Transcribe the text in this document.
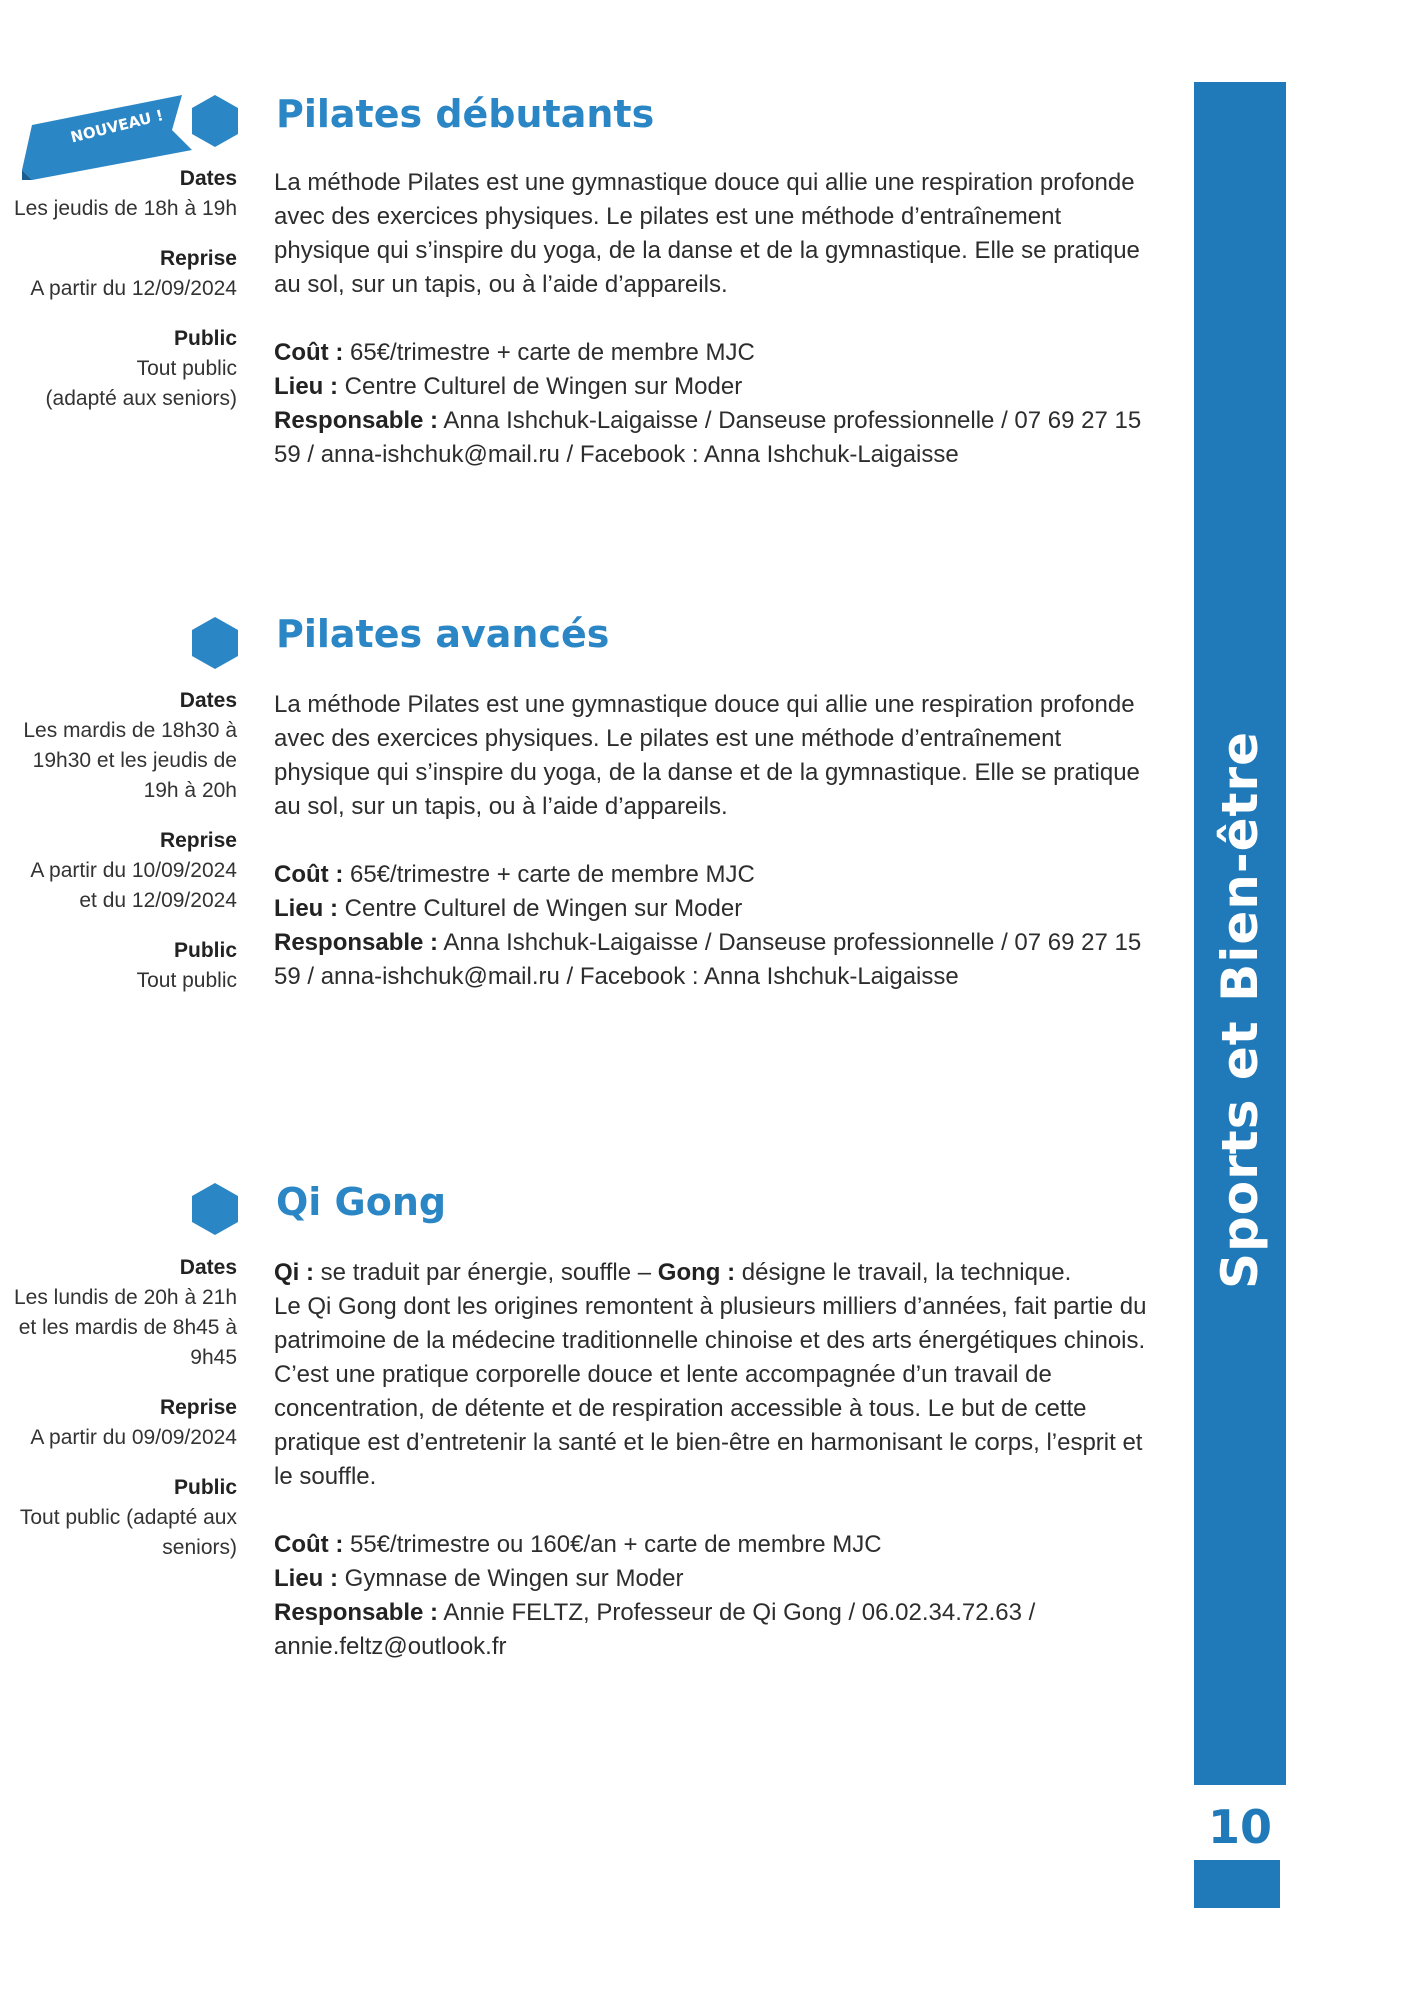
Sports et Bien-être
10
NOUVEAU !	Pilates débutants
Dates
Les jeudis de 18h à 19h
Reprise
A partir du 12/09/2024
Public
Tout public
(adapté aux seniors)

La méthode Pilates est une gymnastique douce qui allie une respiration profonde avec des exercices physiques. Le pilates est une méthode d’entraînement physique qui s’inspire du yoga, de la danse et de la gymnastique. Elle se pratique au sol, sur un tapis, ou à l’aide d’appareils.

Coût : 65€/trimestre + carte de membre MJC

Lieu : Centre Culturel de Wingen sur Moder

Responsable : Anna Ishchuk-Laigaisse / Danseuse professionnelle / 07 69 27 15 59 / anna-ishchuk@mail.ru / Facebook : Anna Ishchuk-Laigaisse

Pilates avancés
Dates
Les mardis de 18h30 à 19h30 et les jeudis de 19h à 20h
Reprise
A partir du 10/09/2024
et du 12/09/2024
Public
Tout public

La méthode Pilates est une gymnastique douce qui allie une respiration profonde avec des exercices physiques. Le pilates est une méthode d’entraînement physique qui s’inspire du yoga, de la danse et de la gymnastique. Elle se pratique au sol, sur un tapis, ou à l’aide d’appareils.

Coût : 65€/trimestre + carte de membre MJC

Lieu : Centre Culturel de Wingen sur Moder

Responsable : Anna Ishchuk-Laigaisse / Danseuse professionnelle / 07 69 27 15 59 / anna-ishchuk@mail.ru / Facebook : Anna Ishchuk-Laigaisse

Qi Gong
Dates
Les lundis de 20h à 21h et les mardis de 8h45 à 9h45
Reprise
A partir du 09/09/2024
Public
Tout public (adapté aux seniors)

Qi : se traduit par énergie, souffle – Gong : désigne le travail, la technique.

Le Qi Gong dont les origines remontent à plusieurs milliers d’années, fait partie du patrimoine de la médecine traditionnelle chinoise et des arts énergétiques chinois. C’est une pratique corporelle douce et lente accompagnée d’un travail de concentration, de détente et de respiration accessible à tous. Le but de cette pratique est d’entretenir la santé et le bien-être en harmonisant le corps, l’esprit et le souffle.

Coût : 55€/trimestre ou 160€/an + carte de membre MJC

Lieu : Gymnase de Wingen sur Moder

Responsable : Annie FELTZ, Professeur de Qi Gong / 06.02.34.72.63 / annie.feltz@outlook.fr
